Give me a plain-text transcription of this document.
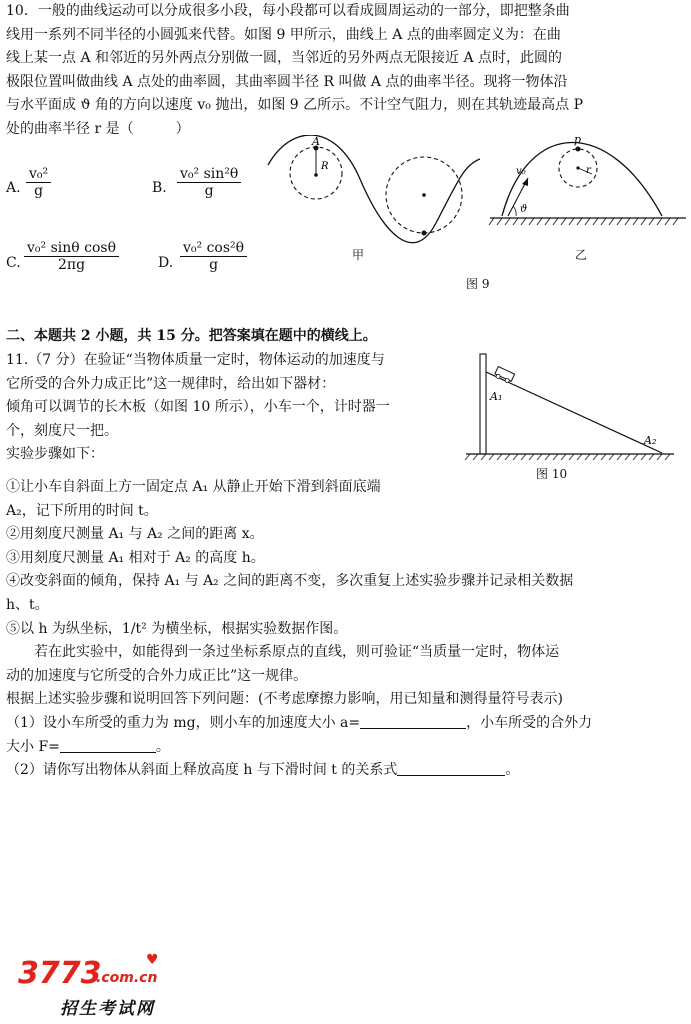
10．一般的曲线运动可以分成很多小段，每小段都可以看成圆周运动的一部分，即把整条曲
线用一系列不同半径的小圆弧来代替。如图 9 甲所示，曲线上 A 点的曲率圆定义为：在曲
线上某一点 A 和邻近的另外两点分别做一圆，当邻近的另外两点无限接近 A 点时，此圆的
极限位置叫做曲线 A 点处的曲率圆，其曲率圆半径 R 叫做 A 点的曲率半径。现将一物体沿
与水平面成 ϑ 角的方向以速度 v₀ 抛出，如图 9 乙所示。不计空气阻力，则在其轨迹最高点 P
处的曲率半径 r 是（　　　）
A. $\frac{\text{v₀²}}{g}$	B. $\frac{\text{v₀² sin²θ}}{g}$
C. $\frac{\text{v₀² sinθ cosθ}}{2\pi g}$	D. $\frac{\text{v₀² cos²θ}}{g}$
A
R
甲
p
r
v₀
ϑ
乙
图 9
二、本题共 2 小题，共 15 分。把答案填在题中的横线上。
11.（7 分）在验证“当物体质量一定时，物体运动的加速度与
它所受的合外力成正比”这一规律时，给出如下器材：
倾角可以调节的长木板（如图 10 所示），小车一个，计时器一
个，刻度尺一把。
实验步骤如下：
A₁
A₂
图 10
①让小车自斜面上方一固定点 A₁ 从静止开始下滑到斜面底端
A₂，记下所用的时间 t。
②用刻度尺测量 A₁ 与 A₂ 之间的距离 x。
③用刻度尺测量 A₁ 相对于 A₂ 的高度 h。
④改变斜面的倾角，保持 A₁ 与 A₂ 之间的距离不变，多次重复上述实验步骤并记录相关数据
h、t。
⑤以 h 为纵坐标，1/t² 为横坐标，根据实验数据作图。
　　若在此实验中，如能得到一条过坐标系原点的直线，则可验证“当质量一定时，物体运
动的加速度与它所受的合外力成正比”这一规律。
根据上述实验步骤和说明回答下列问题：(不考虑摩擦力影响，用已知量和测得量符号表示)
（1）设小车所受的重力为 mg，则小车的加速度大小 a=	，小车所受的合外力
大小 F=	。
（2）请你写出物体从斜面上释放高度 h 与下滑时间 t 的关系式	。
3773
.com.cn
♥
招生考试网
